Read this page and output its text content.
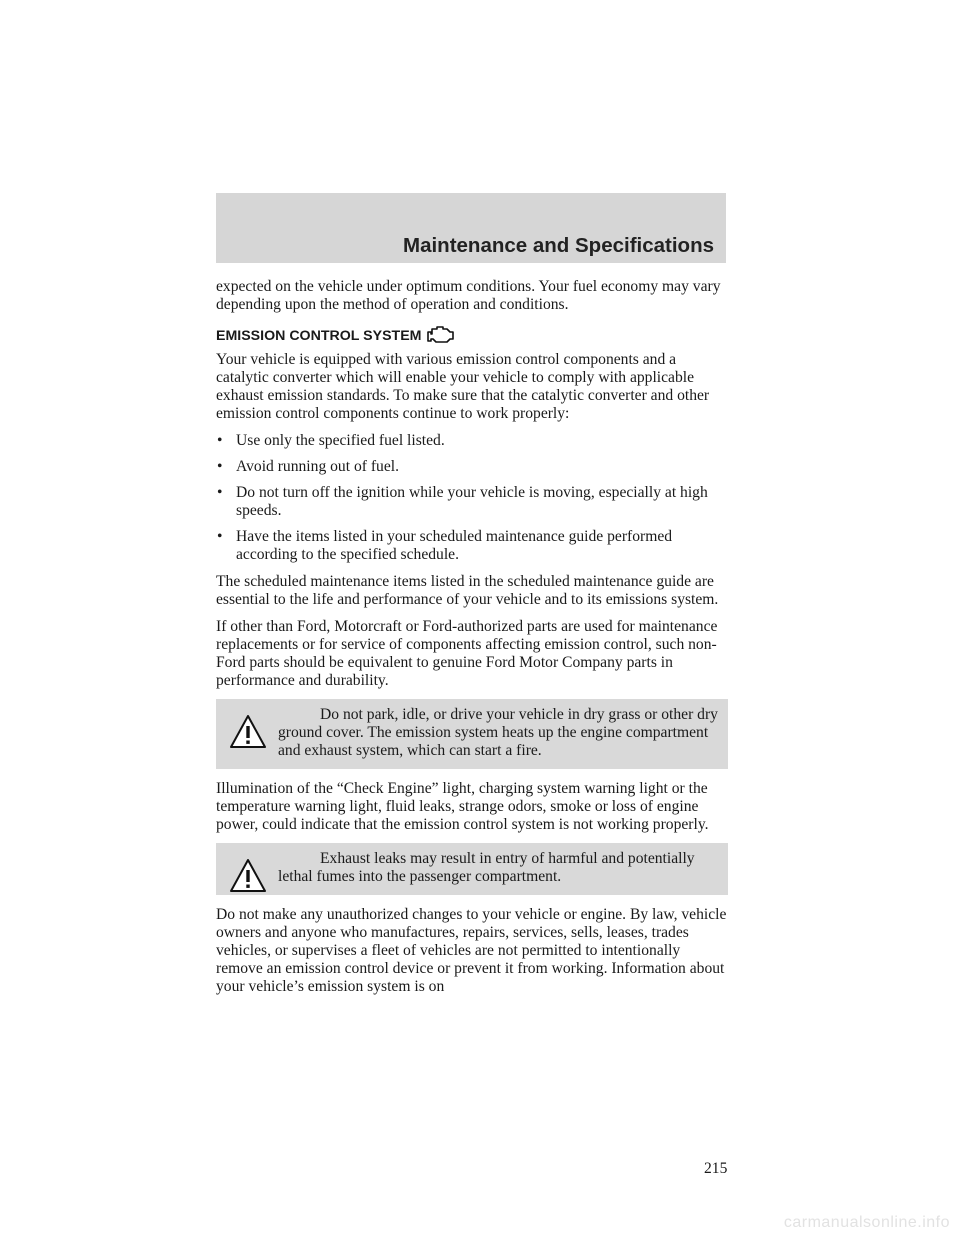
Maintenance and Specifications

expected on the vehicle under optimum conditions. Your fuel economy may vary depending upon the method of operation and conditions.

EMISSION CONTROL SYSTEM

Your vehicle is equipped with various emission control components and a catalytic converter which will enable your vehicle to comply with applicable exhaust emission standards. To make sure that the catalytic converter and other emission control components continue to work properly:

• Use only the specified fuel listed.
• Avoid running out of fuel.
• Do not turn off the ignition while your vehicle is moving, especially at high speeds.
• Have the items listed in your scheduled maintenance guide performed according to the specified schedule.

The scheduled maintenance items listed in the scheduled maintenance guide are essential to the life and performance of your vehicle and to its emissions system.

If other than Ford, Motorcraft or Ford-authorized parts are used for maintenance replacements or for service of components affecting emission control, such non-Ford parts should be equivalent to genuine Ford Motor Company parts in performance and durability.

Do not park, idle, or drive your vehicle in dry grass or other dry ground cover. The emission system heats up the engine compartment and exhaust system, which can start a fire.

Illumination of the “Check Engine” light, charging system warning light or the temperature warning light, fluid leaks, strange odors, smoke or loss of engine power, could indicate that the emission control system is not working properly.

Exhaust leaks may result in entry of harmful and potentially lethal fumes into the passenger compartment.

Do not make any unauthorized changes to your vehicle or engine. By law, vehicle owners and anyone who manufactures, repairs, services, sells, leases, trades vehicles, or supervises a fleet of vehicles are not permitted to intentionally remove an emission control device or prevent it from working. Information about your vehicle’s emission system is on

215
carmanualsonline.info
